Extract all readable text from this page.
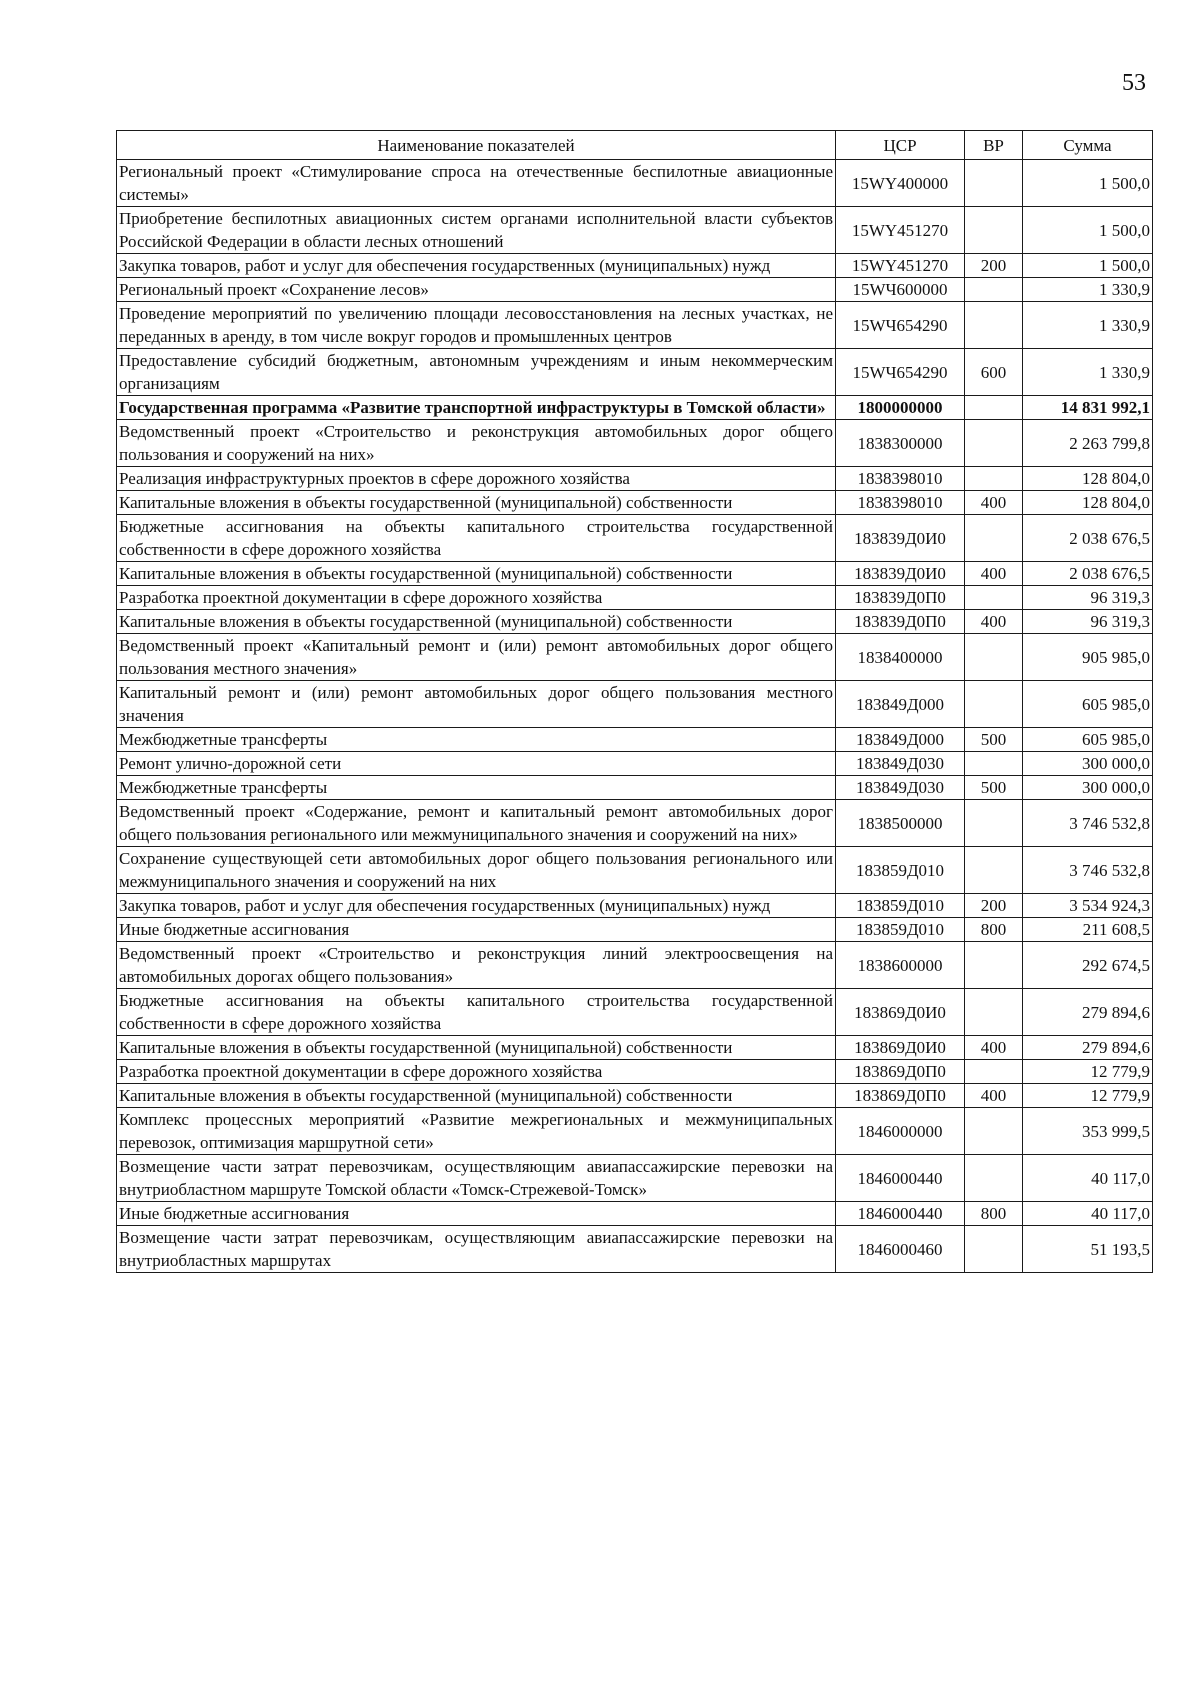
53
Наименование показателей	ЦСР	ВР	Сумма
Региональный проект «Стимулирование спроса на отечественные беспилотные авиационные системы»	15WY400000		1 500,0
Приобретение беспилотных авиационных систем органами исполнительной власти субъектов Российской Федерации в области лесных отношений	15WY451270		1 500,0
Закупка товаров, работ и услуг для обеспечения государственных (муниципальных) нужд	15WY451270	200	1 500,0
Региональный проект «Сохранение лесов»	15WЧ600000		1 330,9
Проведение мероприятий по увеличению площади лесовосстановления на лесных участках, не переданных в аренду, в том числе вокруг городов и промышленных центров	15WЧ654290		1 330,9
Предоставление субсидий бюджетным, автономным учреждениям и иным некоммерческим организациям	15WЧ654290	600	1 330,9
Государственная программа «Развитие транспортной инфраструктуры в Томской области»	1800000000		14 831 992,1
Ведомственный проект «Строительство и реконструкция автомобильных дорог общего пользования и сооружений на них»	1838300000		2 263 799,8
Реализация инфраструктурных проектов в сфере дорожного хозяйства	1838398010		128 804,0
Капитальные вложения в объекты государственной (муниципальной) собственности	1838398010	400	128 804,0
Бюджетные ассигнования на объекты капитального строительства государственной собственности в сфере дорожного хозяйства	183839Д0И0		2 038 676,5
Капитальные вложения в объекты государственной (муниципальной) собственности	183839Д0И0	400	2 038 676,5
Разработка проектной документации в сфере дорожного хозяйства	183839Д0П0		96 319,3
Капитальные вложения в объекты государственной (муниципальной) собственности	183839Д0П0	400	96 319,3
Ведомственный проект «Капитальный ремонт и (или) ремонт автомобильных дорог общего пользования местного значения»	1838400000		905 985,0
Капитальный ремонт и (или) ремонт автомобильных дорог общего пользования местного значения	183849Д000		605 985,0
Межбюджетные трансферты	183849Д000	500	605 985,0
Ремонт улично-дорожной сети	183849Д030		300 000,0
Межбюджетные трансферты	183849Д030	500	300 000,0
Ведомственный проект «Содержание, ремонт и капитальный ремонт автомобильных дорог общего пользования регионального или межмуниципального значения и сооружений на них»	1838500000		3 746 532,8
Сохранение существующей сети автомобильных дорог общего пользования регионального или межмуниципального значения и сооружений на них	183859Д010		3 746 532,8
Закупка товаров, работ и услуг для обеспечения государственных (муниципальных) нужд	183859Д010	200	3 534 924,3
Иные бюджетные ассигнования	183859Д010	800	211 608,5
Ведомственный проект «Строительство и реконструкция линий электроосвещения на автомобильных дорогах общего пользования»	1838600000		292 674,5
Бюджетные ассигнования на объекты капитального строительства государственной собственности в сфере дорожного хозяйства	183869Д0И0		279 894,6
Капитальные вложения в объекты государственной (муниципальной) собственности	183869Д0И0	400	279 894,6
Разработка проектной документации в сфере дорожного хозяйства	183869Д0П0		12 779,9
Капитальные вложения в объекты государственной (муниципальной) собственности	183869Д0П0	400	12 779,9
Комплекс процессных мероприятий «Развитие межрегиональных и межмуниципальных перевозок, оптимизация маршрутной сети»	1846000000		353 999,5
Возмещение части затрат перевозчикам, осуществляющим авиапассажирские перевозки на внутриобластном маршруте Томской области «Томск-Стрежевой-Томск»	1846000440		40 117,0
Иные бюджетные ассигнования	1846000440	800	40 117,0
Возмещение части затрат перевозчикам, осуществляющим авиапассажирские перевозки на внутриобластных маршрутах	1846000460		51 193,5
